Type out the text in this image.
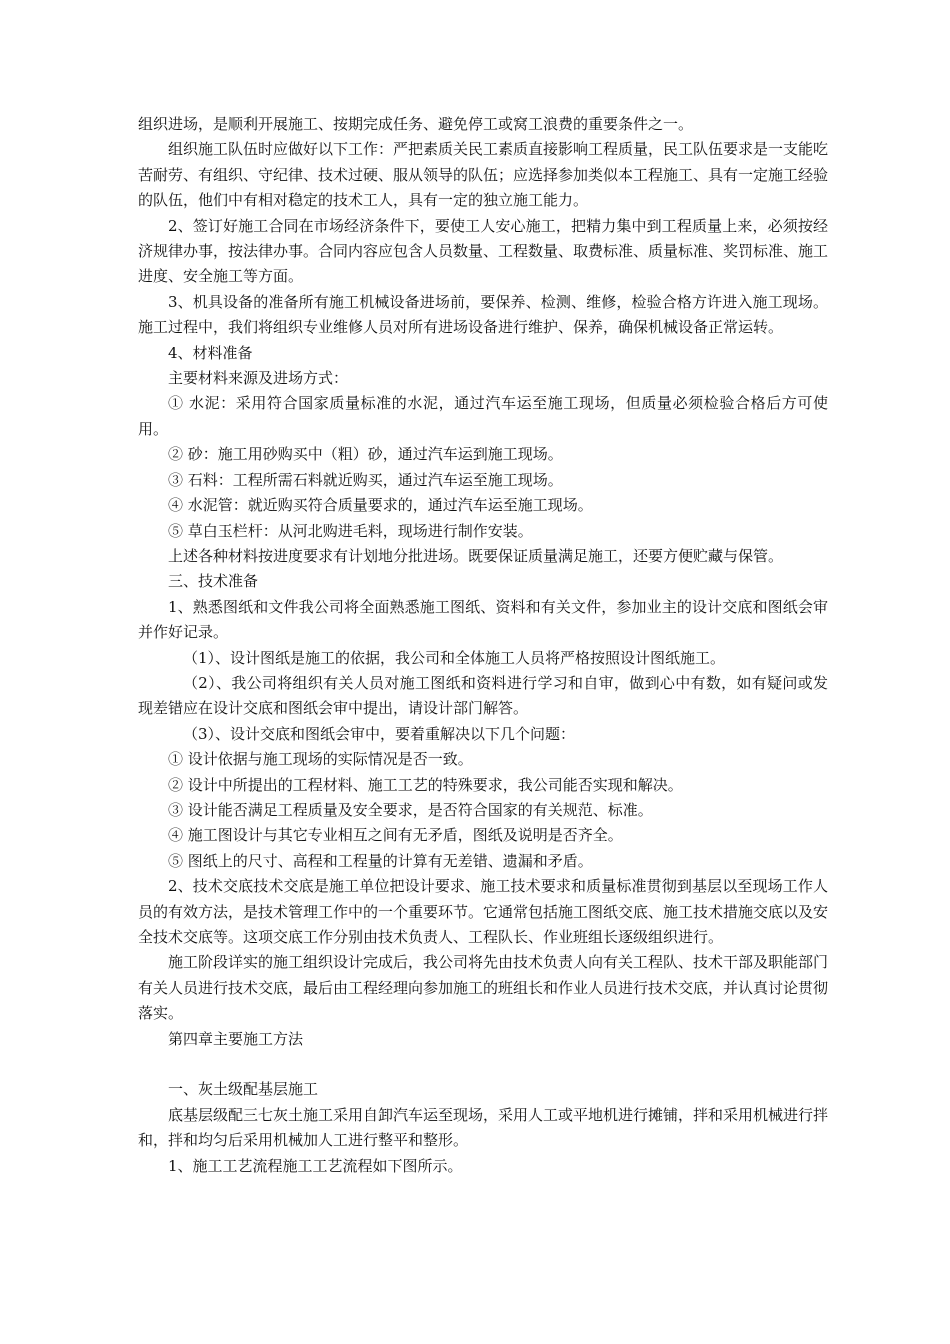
组织进场，是顺利开展施工、按期完成任务、避免停工或窝工浪费的重要条件之一。

组织施工队伍时应做好以下工作：严把素质关民工素质直接影响工程质量，民工队伍要求是一支能吃苦耐劳、有组织、守纪律、技术过硬、服从领导的队伍；应选择参加类似本工程施工、具有一定施工经验的队伍，他们中有相对稳定的技术工人，具有一定的独立施工能力。

2、签订好施工合同在市场经济条件下，要使工人安心施工，把精力集中到工程质量上来，必须按经济规律办事，按法律办事。合同内容应包含人员数量、工程数量、取费标准、质量标准、奖罚标准、施工进度、安全施工等方面。

3、机具设备的准备所有施工机械设备进场前，要保养、检测、维修，检验合格方许进入施工现场。施工过程中，我们将组织专业维修人员对所有进场设备进行维护、保养，确保机械设备正常运转。

4、材料准备

主要材料来源及进场方式：

① 水泥：采用符合国家质量标准的水泥，通过汽车运至施工现场，但质量必须检验合格后方可使用。

② 砂：施工用砂购买中（粗）砂，通过汽车运到施工现场。

③ 石料：工程所需石料就近购买，通过汽车运至施工现场。

④ 水泥管：就近购买符合质量要求的，通过汽车运至施工现场。

⑤ 草白玉栏杆：从河北购进毛料，现场进行制作安装。

上述各种材料按进度要求有计划地分批进场。既要保证质量满足施工，还要方便贮藏与保管。

三、技术准备

1、熟悉图纸和文件我公司将全面熟悉施工图纸、资料和有关文件，参加业主的设计交底和图纸会审并作好记录。

（1）、设计图纸是施工的依据，我公司和全体施工人员将严格按照设计图纸施工。

（2）、我公司将组织有关人员对施工图纸和资料进行学习和自审，做到心中有数，如有疑问或发现差错应在设计交底和图纸会审中提出，请设计部门解答。

（3）、设计交底和图纸会审中，要着重解决以下几个问题：

① 设计依据与施工现场的实际情况是否一致。

② 设计中所提出的工程材料、施工工艺的特殊要求，我公司能否实现和解决。

③ 设计能否满足工程质量及安全要求，是否符合国家的有关规范、标准。

④ 施工图设计与其它专业相互之间有无矛盾，图纸及说明是否齐全。

⑤ 图纸上的尺寸、高程和工程量的计算有无差错、遗漏和矛盾。

2、技术交底技术交底是施工单位把设计要求、施工技术要求和质量标准贯彻到基层以至现场工作人员的有效方法，是技术管理工作中的一个重要环节。它通常包括施工图纸交底、施工技术措施交底以及安全技术交底等。这项交底工作分别由技术负责人、工程队长、作业班组长逐级组织进行。

施工阶段详实的施工组织设计完成后，我公司将先由技术负责人向有关工程队、技术干部及职能部门有关人员进行技术交底，最后由工程经理向参加施工的班组长和作业人员进行技术交底，并认真讨论贯彻落实。

第四章主要施工方法

一、灰土级配基层施工

底基层级配三七灰土施工采用自卸汽车运至现场，采用人工或平地机进行摊铺，拌和采用机械进行拌和，拌和均匀后采用机械加人工进行整平和整形。

1、施工工艺流程施工工艺流程如下图所示。
